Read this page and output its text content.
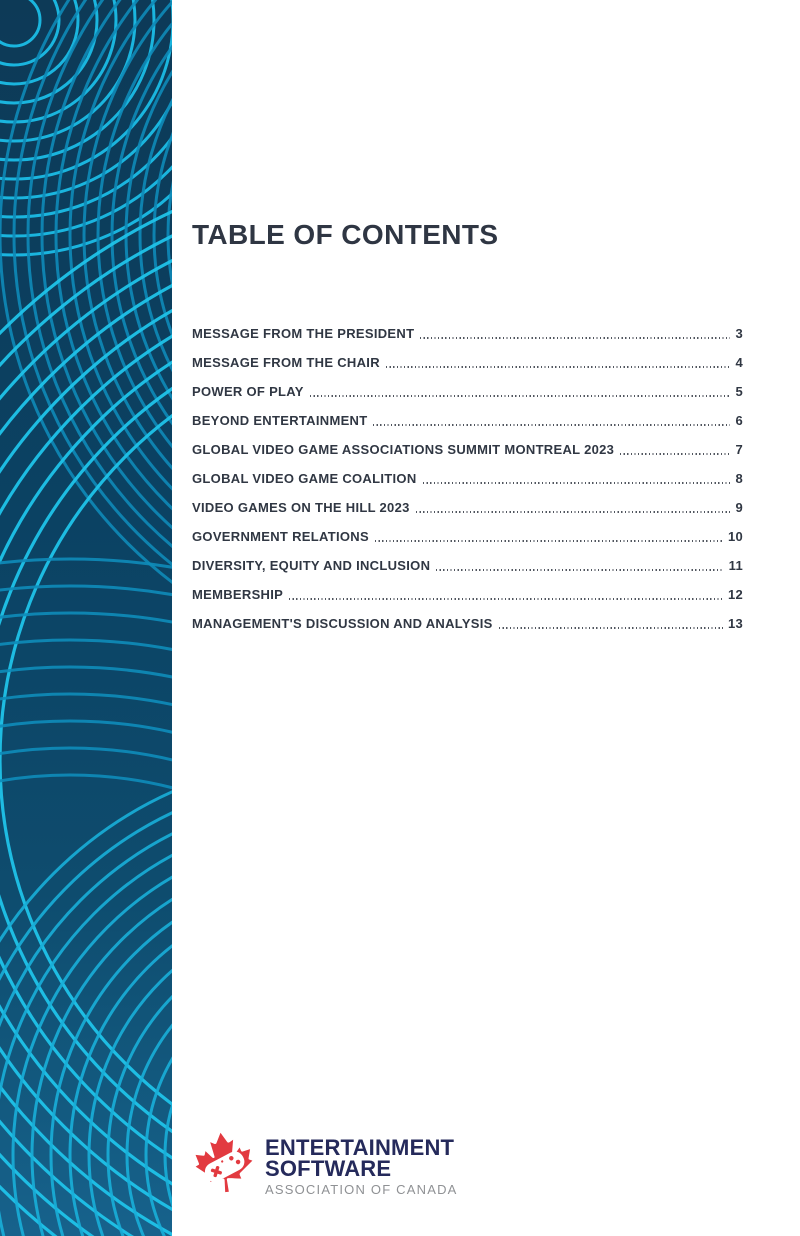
TABLE OF CONTENTS
MESSAGE FROM THE PRESIDENT	3
MESSAGE FROM THE CHAIR	4
POWER OF PLAY	5
BEYOND ENTERTAINMENT	6
GLOBAL VIDEO GAME ASSOCIATIONS SUMMIT MONTREAL 2023	7
GLOBAL VIDEO GAME COALITION	8
VIDEO GAMES ON THE HILL 2023	9
GOVERNMENT RELATIONS	10
DIVERSITY, EQUITY AND INCLUSION	11
MEMBERSHIP	12
MANAGEMENT'S DISCUSSION AND ANALYSIS	13
ENTERTAINMENT
SOFTWARE
ASSOCIATION OF CANADA
